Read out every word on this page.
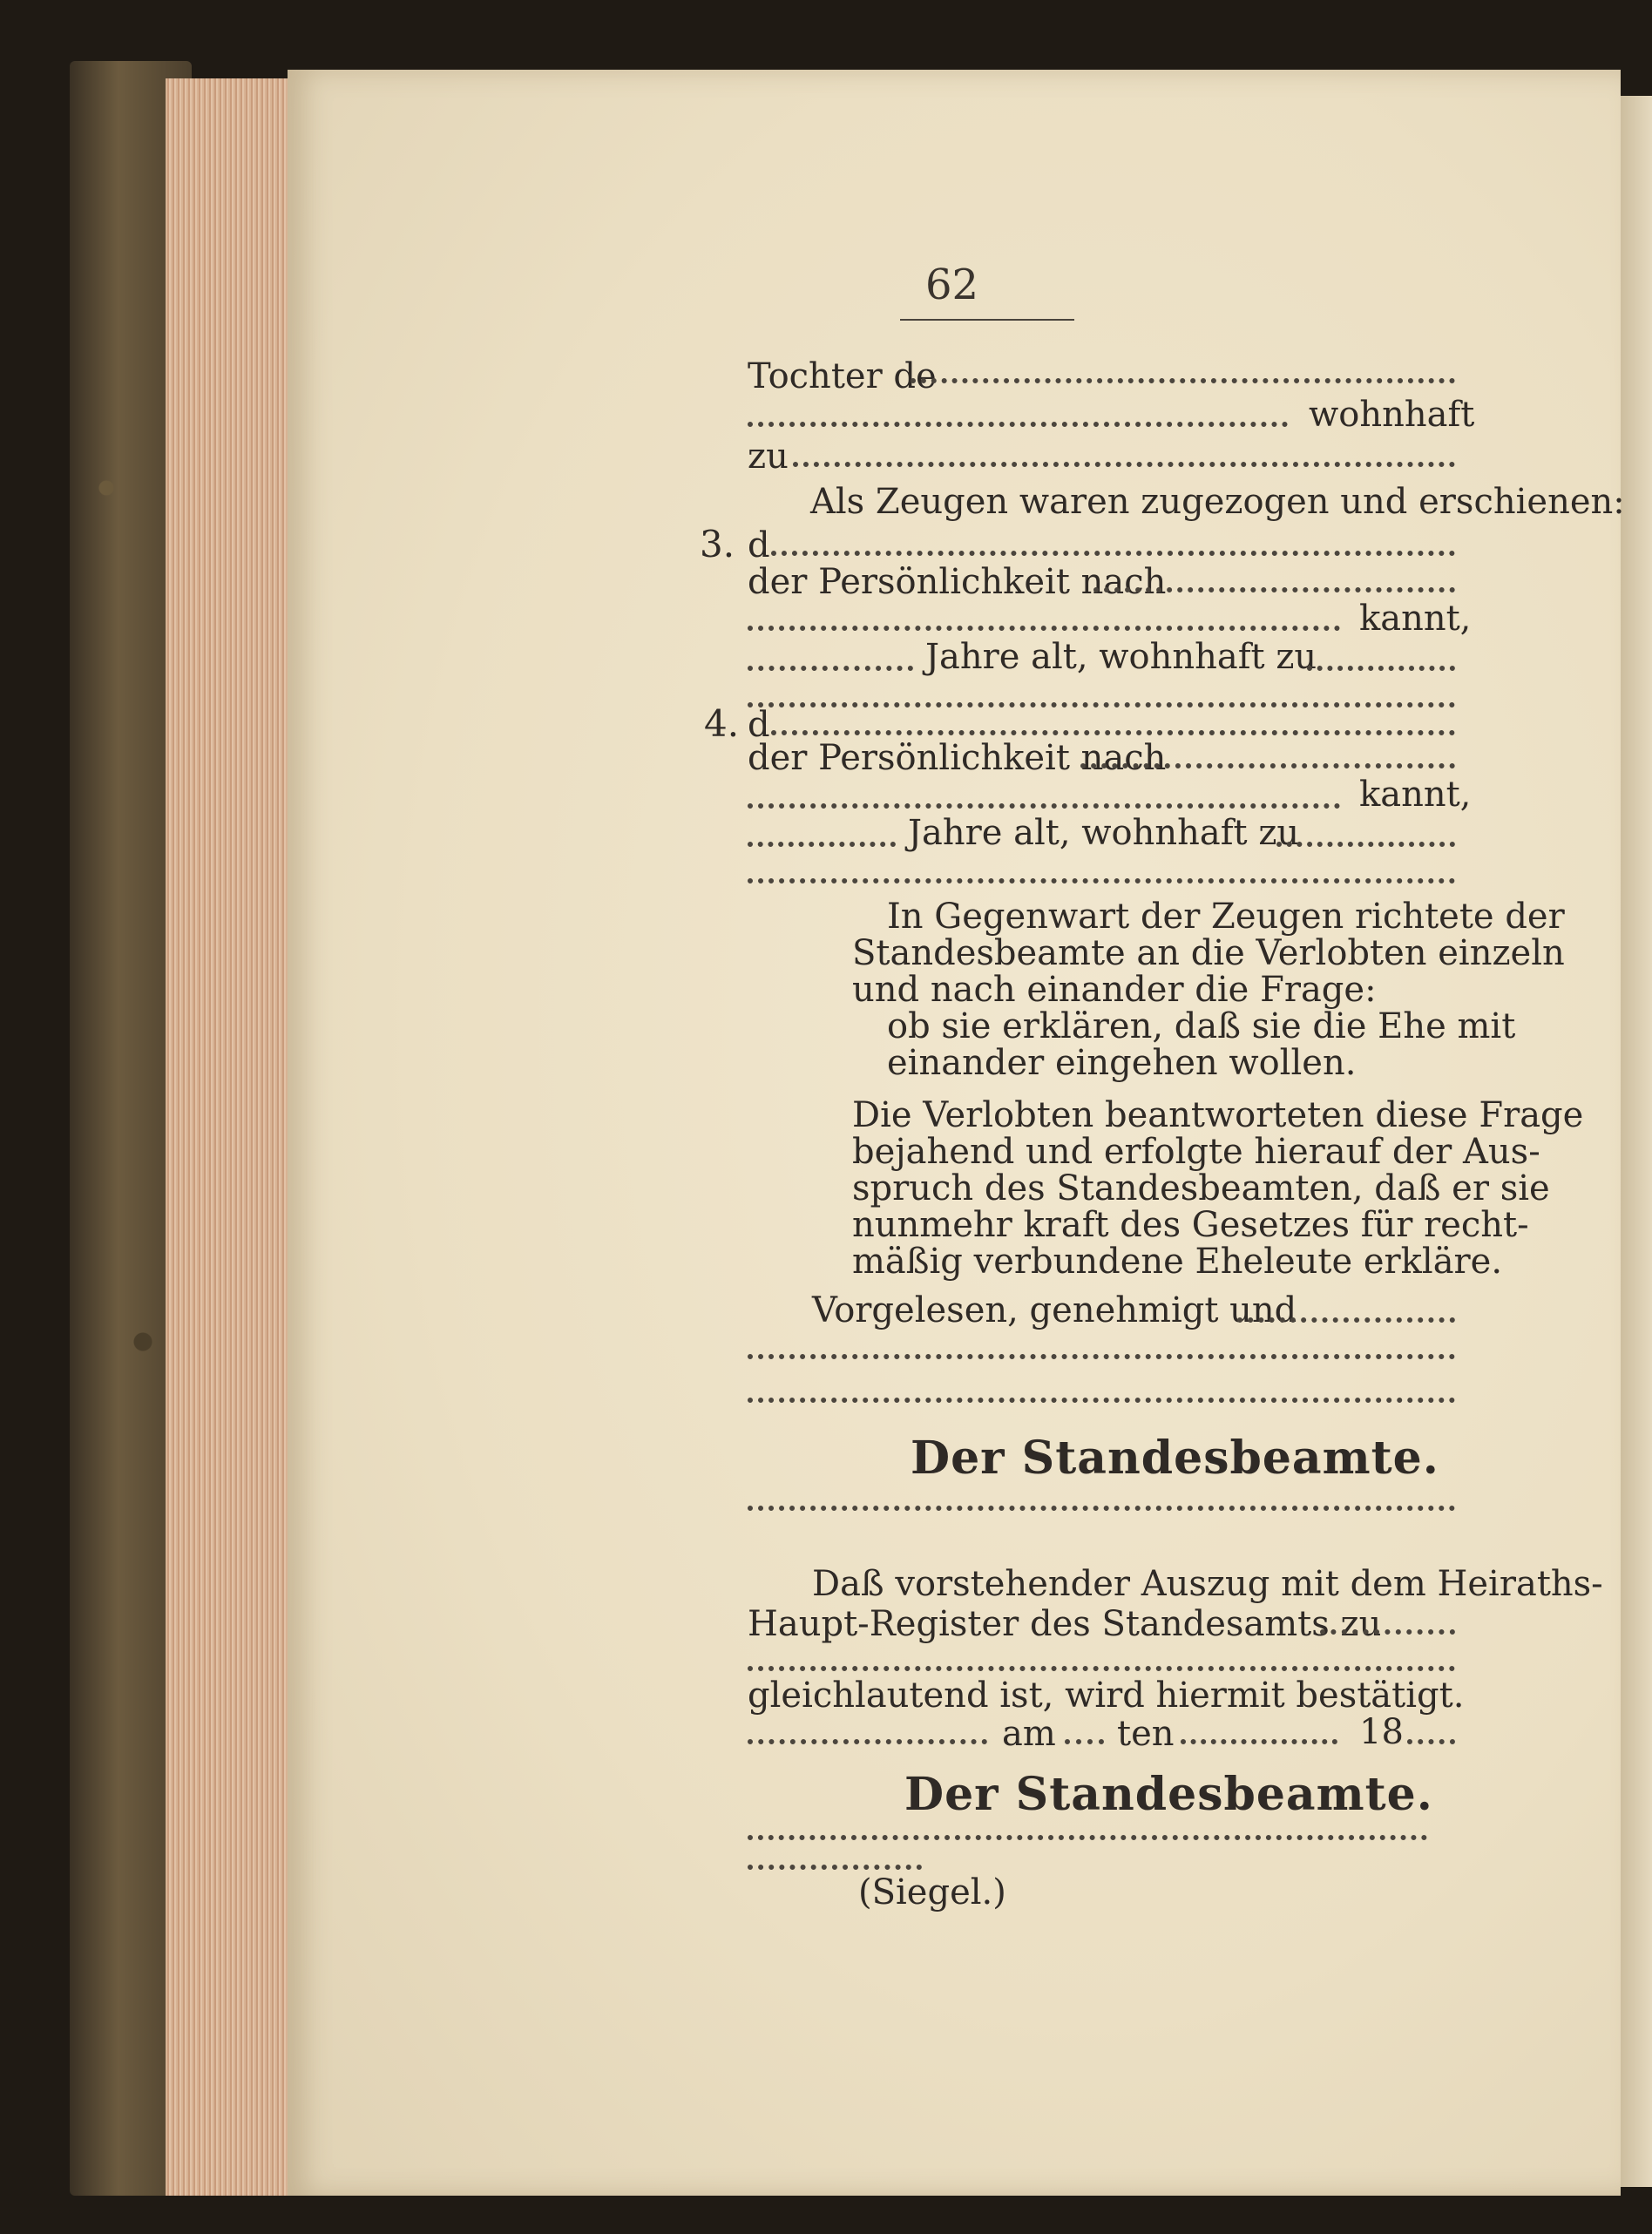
62
Tochter de
wohnhaft
zu
Als Zeugen waren zugezogen und erschienen:
3. d
der Persönlichkeit nach
kannt,
Jahre alt, wohnhaft zu
4. d
der Persönlichkeit nach
kannt,
Jahre alt, wohnhaft zu
In Gegenwart der Zeugen richtete der
Standesbeamte an die Verlobten einzeln
und nach einander die Frage:
ob sie erklären, daß sie die Ehe mit
einander eingehen wollen.
Die Verlobten beantworteten diese Frage
bejahend und erfolgte hierauf der Aus-
spruch des Standesbeamten, daß er sie
nunmehr kraft des Gesetzes für recht-
mäßig verbundene Eheleute erkläre.
Vorgelesen, genehmigt und
Der Standesbeamte.
Daß vorstehender Auszug mit dem Heiraths-
Haupt-Register des Standesamts zu
gleichlautend ist, wird hiermit bestätigt.
am ten	18
Der Standesbeamte.
(Siegel.)
